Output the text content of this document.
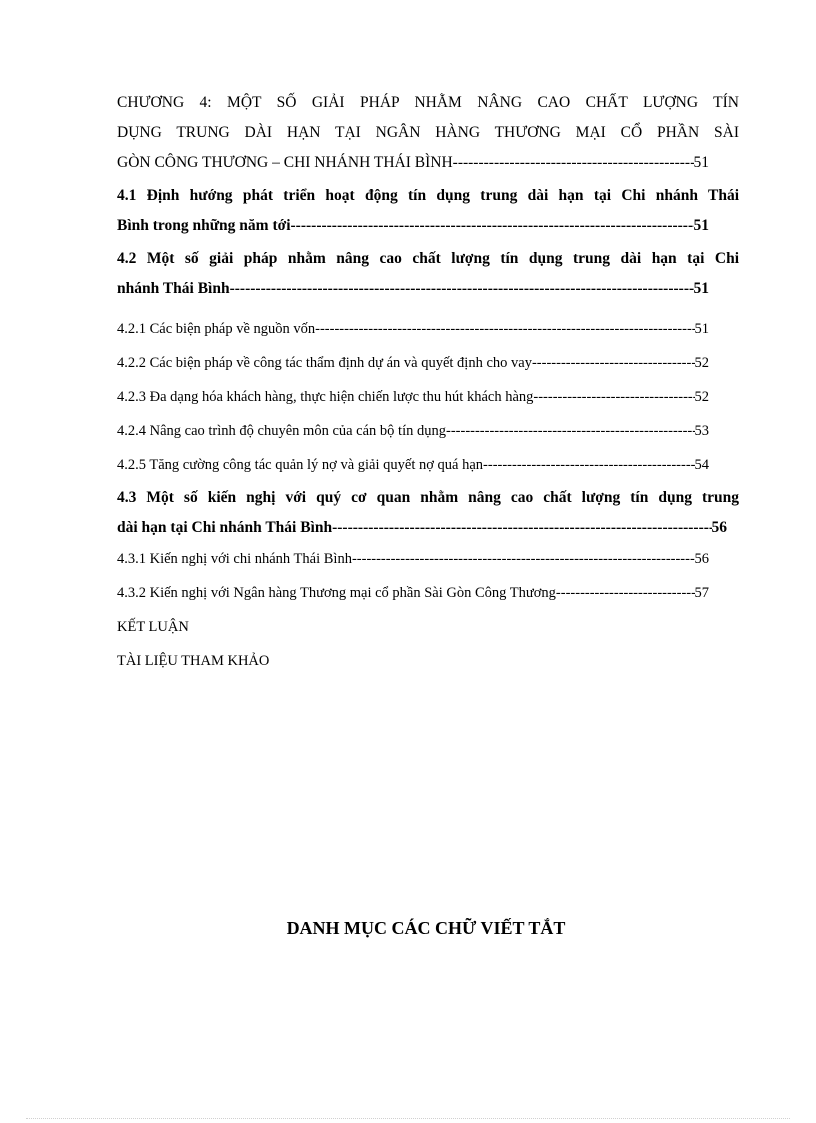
CHƯƠNG 4: MỘT SỐ GIẢI PHÁP NHẰM NÂNG CAO CHẤT LƯỢNG TÍN
DỤNG TRUNG DÀI HẠN TẠI NGÂN HÀNG THƯƠNG MẠI CỔ PHẦN SÀI
GÒN CÔNG THƯƠNG – CHI NHÁNH THÁI BÌNH -----	51
4.1 Định hướng phát triển hoạt động tín dụng trung dài hạn tại Chi nhánh Thái
Bình trong những năm tới -----	51
4.2 Một số giải pháp nhằm nâng cao chất lượng tín dụng trung dài hạn tại Chi
nhánh Thái Bình -----	51
4.2.1 Các biện pháp về nguồn vốn -----	51
4.2.2 Các biện pháp về công tác thẩm định dự án và quyết định cho vay -----	52
4.2.3 Đa dạng hóa khách hàng, thực hiện chiến lược thu hút khách hàng -----	52
4.2.4 Nâng cao trình độ chuyên môn của cán bộ tín dụng -----	53
4.2.5 Tăng cường công tác quản lý nợ và giải quyết nợ quá hạn -----	54
4.3 Một số kiến nghị với quý cơ quan nhằm nâng cao chất lượng tín dụng trung
dài hạn tại Chi nhánh Thái Bình -----	56
4.3.1 Kiến nghị với chi nhánh Thái Bình -----	56
4.3.2 Kiến nghị với Ngân hàng Thương mại cổ phần Sài Gòn Công Thương -----	57
KẾT LUẬN
TÀI LIỆU THAM KHẢO
DANH MỤC CÁC CHỮ VIẾT TẮT
